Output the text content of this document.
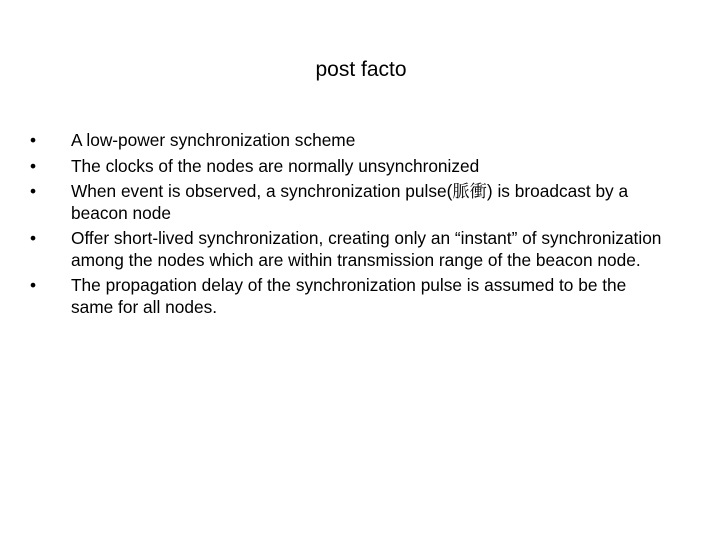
post facto
•	A low-power synchronization scheme
•	The clocks of the nodes are normally unsynchronized
•	When event is observed, a synchronization pulse(脈衝) is broadcast by a beacon node
•	Offer short-lived synchronization, creating only an “instant” of synchronization among the nodes which are within transmission range of the beacon node.
•	The propagation delay of the synchronization pulse is assumed to be the same for all nodes.
